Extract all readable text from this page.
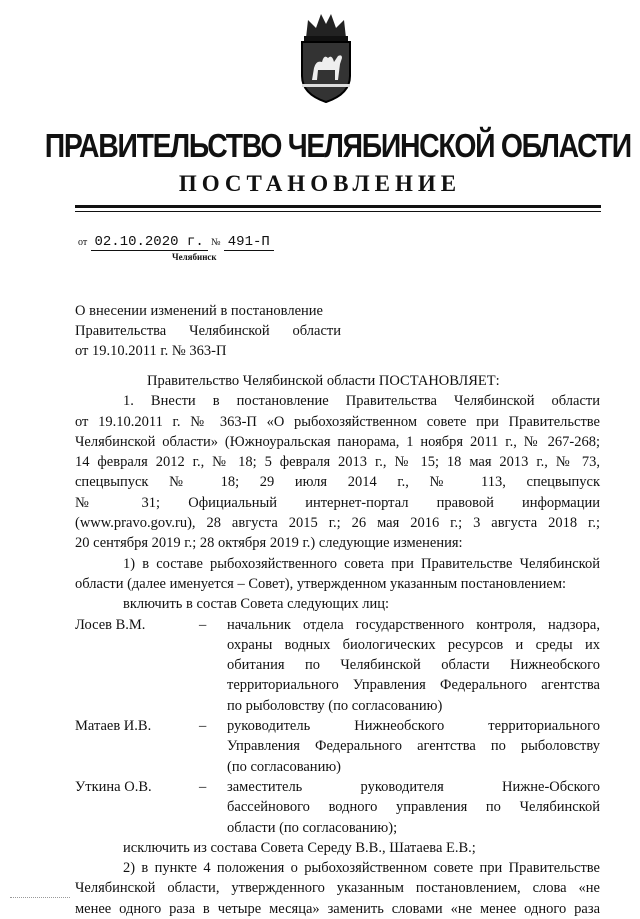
ПРАВИТЕЛЬСТВО ЧЕЛЯБИНСКОЙ ОБЛАСТИ
ПОСТАНОВЛЕНИЕ
от 02.10.2020 г. № 491-П
Челябинск
О внесении изменений в постановление
Правительства Челябинской области
от 19.10.2011 г. № 363-П

Правительство Челябинской области ПОСТАНОВЛЯЕТ:

1. Внести в постановление Правительства Челябинской области

от 19.10.2011 г. № 363-П «О рыбохозяйственном совете при Правительстве

Челябинской области» (Южноуральская панорама, 1 ноября 2011 г., № 267-268;

14 февраля 2012 г., № 18; 5 февраля 2013 г., № 15; 18 мая 2013 г., № 73,

спецвыпуск № 18; 29 июля 2014 г., № 113, спецвыпуск

№ 31; Официальный интернет-портал правовой информации

(www.pravo.gov.ru), 28 августа 2015 г.; 26 мая 2016 г.; 3 августа 2018 г.;

20 сентября 2019 г.; 28 октября 2019 г.) следующие изменения:

1) в составе рыбохозяйственного совета при Правительстве Челябинской

области (далее именуется – Совет), утвержденном указанным постановлением:

включить в состав Совета следующих лиц:

Лосев В.М.	–	начальник отдела государственного контроля, надзора,

охраны водных биологических ресурсов и среды их

обитания по Челябинской области Нижнеобского

территориального Управления Федерального агентства

по рыболовству (по согласованию)

Матаев И.В.	–	руководитель Нижнеобского территориального

Управления Федерального агентства по рыболовству

(по согласованию)

Уткина О.В.	–	заместитель руководителя Нижне-Обского

бассейнового водного управления по Челябинской

области (по согласованию);

исключить из состава Совета Середу В.В., Шатаева Е.В.;

2) в пункте 4 положения о рыбохозяйственном совете при Правительстве

Челябинской области, утвержденного указанным постановлением, слова «не

менее одного раза в четыре месяца» заменить словами «не менее одного раза
